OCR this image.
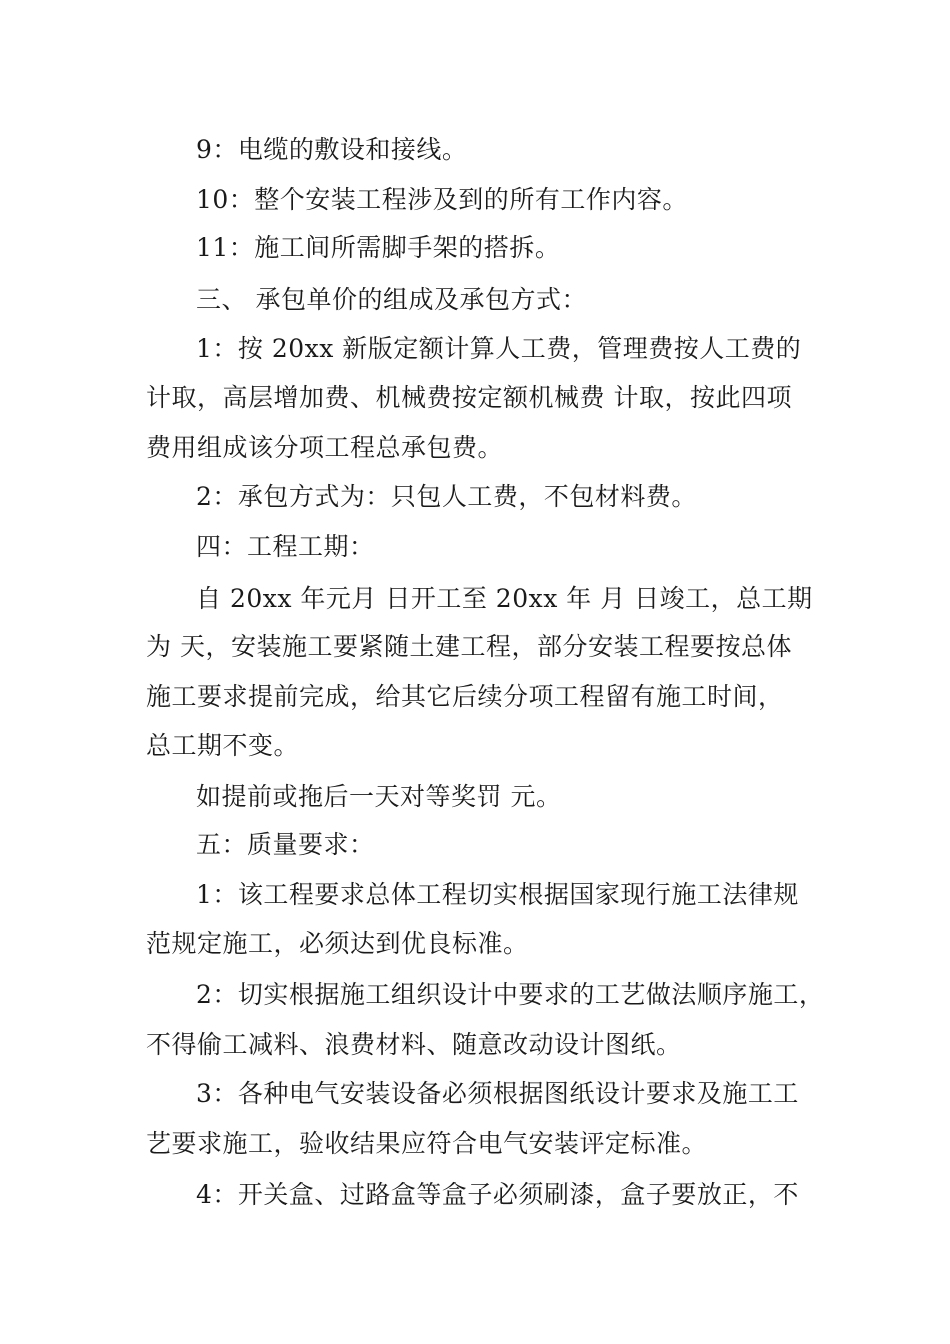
9：电缆的敷设和接线。
10：整个安装工程涉及到的所有工作内容。
11：施工间所需脚手架的搭拆。
三、 承包单价的组成及承包方式：
1：按 20xx 新版定额计算人工费，管理费按人工费的
计取，高层增加费、机械费按定额机械费 计取，按此四项
费用组成该分项工程总承包费。
2：承包方式为：只包人工费，不包材料费。
四：工程工期：
自 20xx 年元月 日开工至 20xx 年 月 日竣工，总工期
为 天，安装施工要紧随土建工程，部分安装工程要按总体
施工要求提前完成，给其它后续分项工程留有施工时间，
总工期不变。
如提前或拖后一天对等奖罚 元。
五：质量要求：
1：该工程要求总体工程切实根据国家现行施工法律规
范规定施工，必须达到优良标准。
2：切实根据施工组织设计中要求的工艺做法顺序施工，
不得偷工减料、浪费材料、随意改动设计图纸。
3：各种电气安装设备必须根据图纸设计要求及施工工
艺要求施工，验收结果应符合电气安装评定标准。
4：开关盒、过路盒等盒子必须刷漆，盒子要放正，不
